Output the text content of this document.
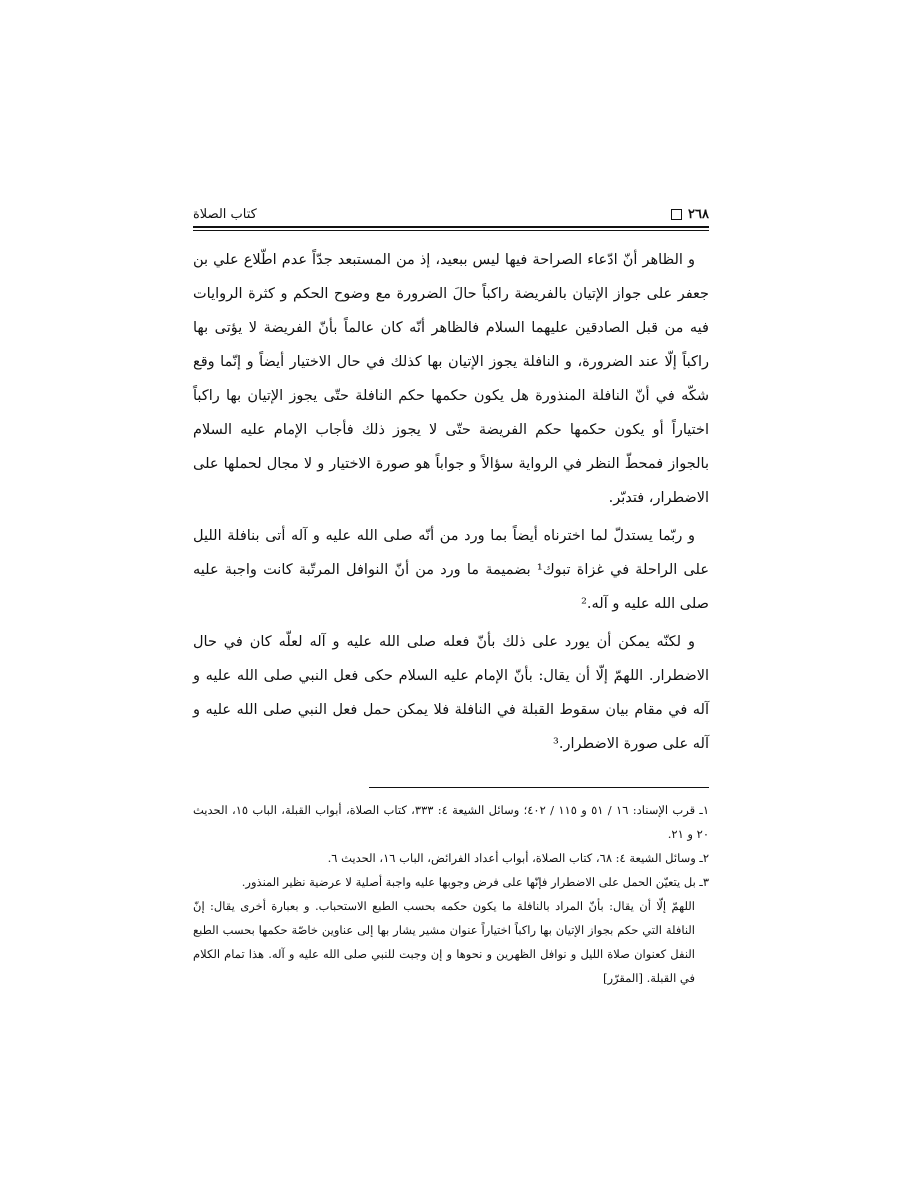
٢٦٨
كتاب الصلاة

و الظاهر أنّ ادّعاء الصراحة فيها ليس ببعيد، إذ من المستبعد جدّاً عدم اطّلاع علي بن جعفر على جواز الإتيان بالفريضة راكباً حالَ الضرورة مع وضوح الحكم و كثرة الروايات فيه من قبل الصادقين عليهما السلام فالظاهر أنّه كان عالماً بأنّ الفريضة لا يؤتى بها راكباً إلّا عند الضرورة، و النافلة يجوز الإتيان بها كذلك في حال الاختيار أيضاً و إنّما وقع شكّه في أنّ النافلة المنذورة هل يكون حكمها حكم النافلة حتّى يجوز الإتيان بها راكباً اختياراً أو يكون حكمها حكم الفريضة حتّى لا يجوز ذلك فأجاب الإمام عليه السلام بالجواز فمحطّ النظر في الرواية سؤالاً و جواباً هو صورة الاختيار و لا مجال لحملها على الاضطرار، فتدبّر.

و ربّما يستدلّ لما اخترناه أيضاً بما ورد من أنّه صلى الله عليه و آله أتى بنافلة الليل على الراحلة في غزاة تبوك¹ بضميمة ما ورد من أنّ النوافل المرتّبة كانت واجبة عليه صلى الله عليه و آله.²

و لكنّه يمكن أن يورد على ذلك بأنّ فعله صلى الله عليه و آله لعلّه كان في حال الاضطرار. اللهمّ إلّا أن يقال: بأنّ الإمام عليه السلام حكى فعل النبي صلى الله عليه و آله في مقام بيان سقوط القبلة في النافلة فلا يمكن حمل فعل النبي صلى الله عليه و آله على صورة الاضطرار.³

١ـ قرب الإسناد: ١٦ / ٥١ و ١١٥ / ٤٠٢؛ وسائل الشيعة ٤: ٣٣٣، كتاب الصلاة، أبواب القبلة، الباب ١٥، الحديث ٢٠ و ٢١.

٢ـ وسائل الشيعة ٤: ٦٨، كتاب الصلاة، أبواب أعداد الفرائض، الباب ١٦، الحديث ٦.

٣ـ بل يتعيّن الحمل على الاضطرار فإنّها على فرض وجوبها عليه واجبة أصلية لا عرضية نظير المنذور.

اللهمّ إلّا أن يقال: بأنّ المراد بالنافلة ما يكون حكمه بحسب الطبع الاستحباب. و بعبارة أخرى يقال: إنّ النافلة التي حكم بجواز الإتيان بها راكباً اختياراً عنوان مشير يشار بها إلى عناوين خاصّة حكمها بحسب الطبع النفل كعنوان صلاة الليل و نوافل الظهرين و نحوها و إن وجبت للنبي صلى الله عليه و آله. هذا تمام الكلام في القبلة. [المقرّر]
